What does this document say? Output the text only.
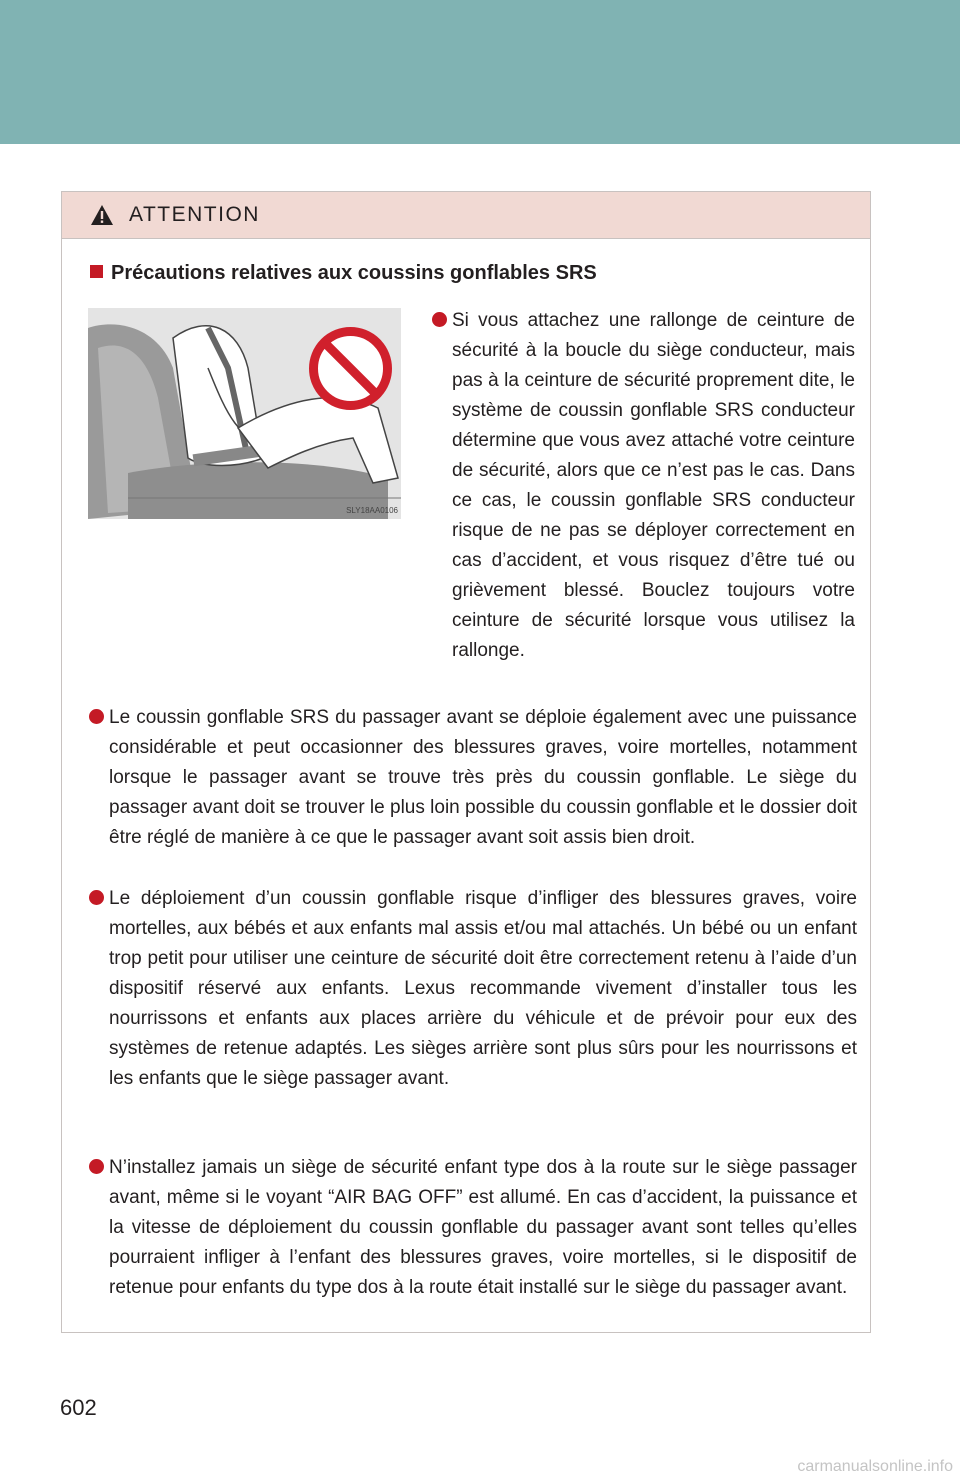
ATTENTION
Précautions relatives aux coussins gonflables SRS
SLY18AA0106
Si vous attachez une rallonge de ceinture de sécurité à la boucle du siège conducteur, mais pas à la ceinture de sécurité proprement dite, le système de coussin gonflable SRS conducteur détermine que vous avez attaché votre ceinture de sécurité, alors que ce n’est pas le cas. Dans ce cas, le coussin gonflable SRS conducteur risque de ne pas se déployer correctement en cas d’accident, et vous risquez d’être tué ou grièvement blessé. Bouclez toujours votre ceinture de sécurité lorsque vous utilisez la rallonge.
Le coussin gonflable SRS du passager avant se déploie également avec une puissance considérable et peut occasionner des blessures graves, voire mortelles, notamment lorsque le passager avant se trouve très près du coussin gonflable. Le siège du passager avant doit se trouver le plus loin possible du coussin gonflable et le dossier doit être réglé de manière à ce que le passager avant soit assis bien droit.
Le déploiement d’un coussin gonflable risque d’infliger des blessures graves, voire mortelles, aux bébés et aux enfants mal assis et/ou mal attachés. Un bébé ou un enfant trop petit pour utiliser une ceinture de sécurité doit être correctement retenu à l’aide d’un dispositif réservé aux enfants. Lexus recommande vivement d’installer tous les nourrissons et enfants aux places arrière du véhicule et de prévoir pour eux des systèmes de retenue adaptés. Les sièges arrière sont plus sûrs pour les nourrissons et les enfants que le siège passager avant.
N’installez jamais un siège de sécurité enfant type dos à la route sur le siège passager avant, même si le voyant “AIR BAG OFF” est allumé. En cas d’accident, la puissance et la vitesse de déploiement du coussin gonflable du passager avant sont telles qu’elles pourraient infliger à l’enfant des blessures graves, voire mortelles, si le dispositif de retenue pour enfants du type dos à la route était installé sur le siège du passager avant.
602
carmanualsonline.info
